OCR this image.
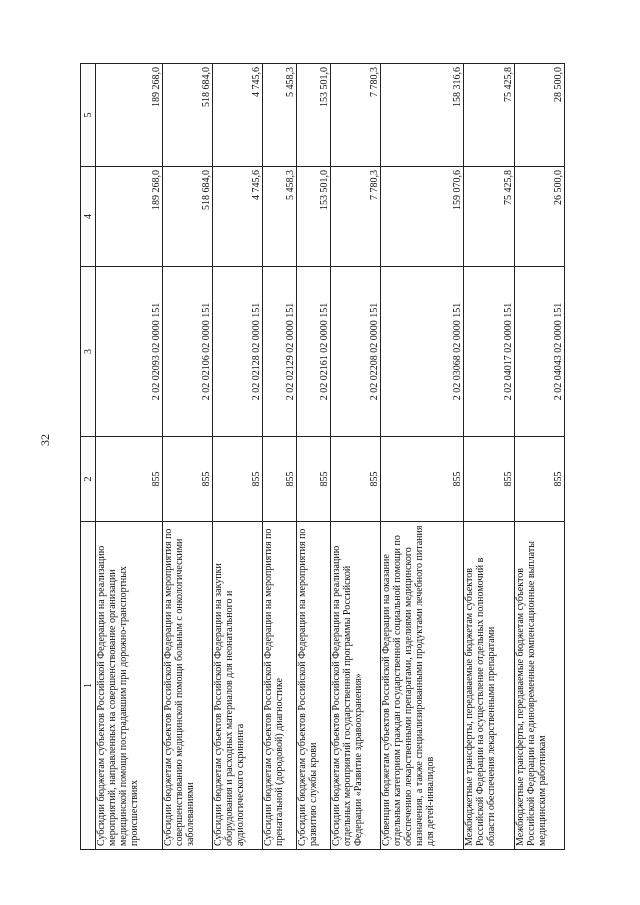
32
1	2	3	4	5
Субсидии бюджетам субъектов Российской Федерации на реализацию мероприятий, направленных на совершенствование организации медицинской помощи пострадавшим при дорожно-транспортных происшествиях	855	2 02 02093 02 0000 151	189 268,0	189 268,0
Субсидии бюджетам субъектов Российской Федерации на мероприятия по совершенствованию медицинской помощи больным с онкологическими заболеваниями	855	2 02 02106 02 0000 151	518 684,0	518 684,0
Субсидии бюджетам субъектов Российской Федерации на закупки оборудования и расходных материалов для неонатального и аудиологического скрининга	855	2 02 02128 02 0000 151	4 745,6	4 745,6
Субсидии бюджетам субъектов Российской Федерации на мероприятия по пренатальной (дородовой) диагностике	855	2 02 02129 02 0000 151	5 458,3	5 458,3
Субсидии бюджетам субъектов Российской Федерации на мероприятия по развитию службы крови	855	2 02 02161 02 0000 151	153 501,0	153 501,0
Субсидии бюджетам субъектов Российской Федерации на реализацию отдельных мероприятий государственной программы Российской Федерации «Развитие здравоохранения»	855	2 02 02208 02 0000 151	7 780,3	7 780,3
Субвенции бюджетам субъектов Российской Федерации на оказание отдельным категориям граждан государственной социальной помощи по обеспечению лекарственными препаратами, изделиями медицинского назначения, а также специализированными продуктами лечебного питания для детей-инвалидов	855	2 02 03068 02 0000 151	159 070,6	158 316,6
Межбюджетные трансферты, передаваемые бюджетам субъектов Российской Федерации на осуществление отдельных полномочий в области обеспечения лекарственными препаратами	855	2 02 04017 02 0000 151	75 425,8	75 425,8
Межбюджетные трансферты, передаваемые бюджетам субъектов Российской Федерации на единовременные компенсационные выплаты медицинским работникам	855	2 02 04043 02 0000 151	26 500,0	28 500,0
